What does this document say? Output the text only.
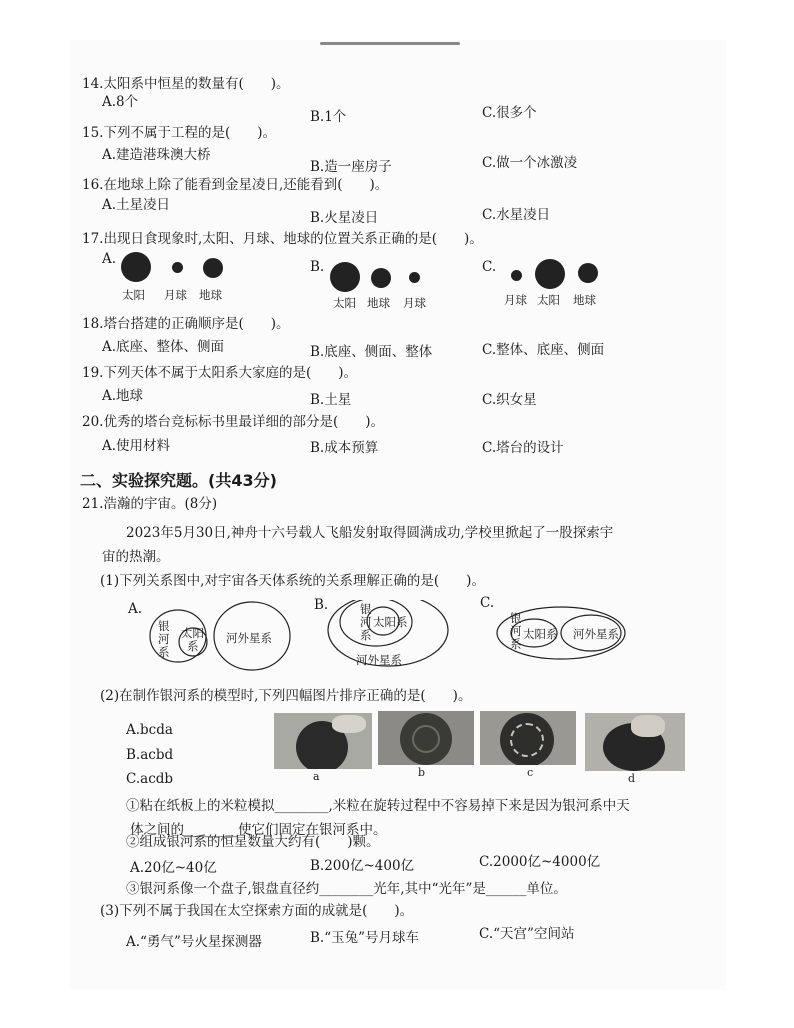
14.太阳系中恒星的数量有(　　)。
A.8个
B.1个	C.很多个
15.下列不属于工程的是(　　)。
A.建造港珠澳大桥
B.造一座房子	C.做一个冰激凌
16.在地球上除了能看到金星凌日,还能看到(　　)。
A.土星凌日
B.火星凌日	C.水星凌日
17.出现日食现象时,太阳、月球、地球的位置关系正确的是(　　)。
A.
太阳 月球 地球
B.
太阳 地球 月球
C.
月球 太阳 地球
18.塔台搭建的正确顺序是(　　)。
A.底座、整体、侧面	B.底座、侧面、整体	C.整体、底座、侧面
19.下列天体不属于太阳系大家庭的是(　　)。
A.地球	B.土星	C.织女星
20.优秀的塔台竞标标书里最详细的部分是(　　)。
A.使用材料	B.成本预算	C.塔台的设计
二、实验探究题。(共43分)
21.浩瀚的宇宙。(8分)
2023年5月30日,神舟十六号载人飞船发射取得圆满成功,学校里掀起了一股探索宇
宙的热潮。
(1)下列关系图中,对宇宙各天体系统的关系理解正确的是(　　)。
A.	B.	C.
银
河
系
太阳
系
河外星系
银
河
系
太阳系
河外星系
银
河
系
太阳系 河外星系
(2)在制作银河系的模型时,下列四幅图片排序正确的是(　　)。
A.bcda
B.acbd
C.acdb	a	b	c	d
①粘在纸板上的米粒模拟________,米粒在旋转过程中不容易掉下来是因为银河系中天
体之间的________使它们固定在银河系中。
②组成银河系的恒星数量大约有(　　)颗。
A.20亿~40亿	B.200亿~400亿	C.2000亿~4000亿
③银河系像一个盘子,银盘直径约________光年,其中“光年”是______单位。
(3)下列不属于我国在太空探索方面的成就是(　　)。
A.“勇气”号火星探测器	B.“玉兔”号月球车	C.“天宫”空间站
